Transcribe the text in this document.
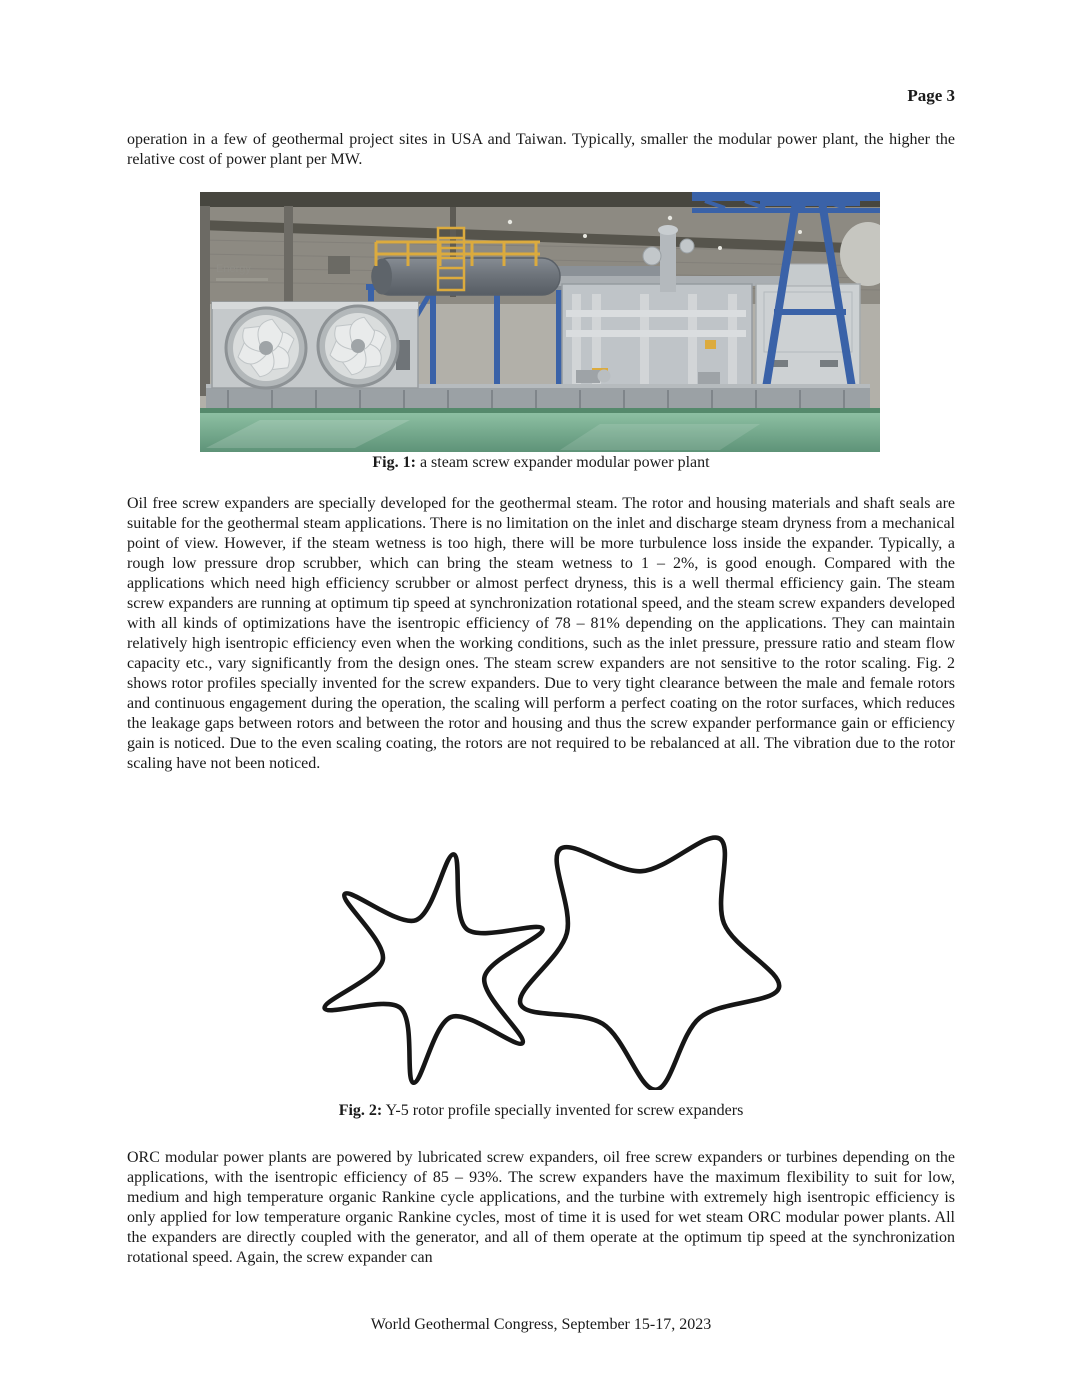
Page 3
operation in a few of geothermal project sites in USA and Taiwan. Typically, smaller the modular power plant, the higher the relative cost of power plant per MW.
Energy
Fig. 1: a steam screw expander modular power plant
Oil free screw expanders are specially developed for the geothermal steam. The rotor and housing materials and shaft seals are suitable for the geothermal steam applications. There is no limitation on the inlet and discharge steam dryness from a mechanical point of view. However, if the steam wetness is too high, there will be more turbulence loss inside the expander. Typically, a rough low pressure drop scrubber, which can bring the steam wetness to 1 – 2%, is good enough. Compared with the applications which need high efficiency scrubber or almost perfect dryness, this is a well thermal efficiency gain. The steam screw expanders are running at optimum tip speed at synchronization rotational speed, and the steam screw expanders developed with all kinds of optimizations have the isentropic efficiency of 78 – 81% depending on the applications. They can maintain relatively high isentropic efficiency even when the working conditions, such as the inlet pressure, pressure ratio and steam flow capacity etc., vary significantly from the design ones. The steam screw expanders are not sensitive to the rotor scaling. Fig. 2 shows rotor profiles specially invented for the screw expanders. Due to very tight clearance between the male and female rotors and continuous engagement during the operation, the scaling will perform a perfect coating on the rotor surfaces, which reduces the leakage gaps between rotors and between the rotor and housing and thus the screw expander performance gain or efficiency gain is noticed. Due to the even scaling coating, the rotors are not required to be rebalanced at all. The vibration due to the rotor scaling have not been noticed.
Fig. 2: Y-5 rotor profile specially invented for screw expanders
ORC modular power plants are powered by lubricated screw expanders, oil free screw expanders or turbines depending on the applications, with the isentropic efficiency of 85 – 93%. The screw expanders have the maximum flexibility to suit for low, medium and high temperature organic Rankine cycle applications, and the turbine with extremely high isentropic efficiency is only applied for low temperature organic Rankine cycles, most of time it is used for wet steam ORC modular power plants. All the expanders are directly coupled with the generator, and all of them operate at the optimum tip speed at the synchronization rotational speed. Again, the screw expander can
World Geothermal Congress, September 15-17, 2023
